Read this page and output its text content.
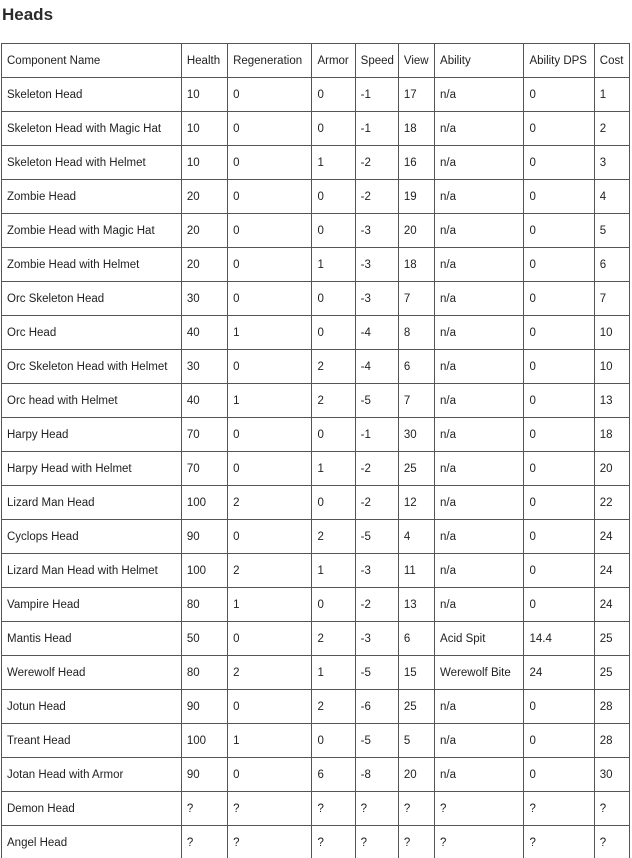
Heads
Component Name	Health	Regeneration	Armor	Speed	View	Ability	Ability DPS	Cost
Skeleton Head	10	0	0	-1	17	n/a	0	1
Skeleton Head with Magic Hat	10	0	0	-1	18	n/a	0	2
Skeleton Head with Helmet	10	0	1	-2	16	n/a	0	3
Zombie Head	20	0	0	-2	19	n/a	0	4
Zombie Head with Magic Hat	20	0	0	-3	20	n/a	0	5
Zombie Head with Helmet	20	0	1	-3	18	n/a	0	6
Orc Skeleton Head	30	0	0	-3	7	n/a	0	7
Orc Head	40	1	0	-4	8	n/a	0	10
Orc Skeleton Head with Helmet	30	0	2	-4	6	n/a	0	10
Orc head with Helmet	40	1	2	-5	7	n/a	0	13
Harpy Head	70	0	0	-1	30	n/a	0	18
Harpy Head with Helmet	70	0	1	-2	25	n/a	0	20
Lizard Man Head	100	2	0	-2	12	n/a	0	22
Cyclops Head	90	0	2	-5	4	n/a	0	24
Lizard Man Head with Helmet	100	2	1	-3	11	n/a	0	24
Vampire Head	80	1	0	-2	13	n/a	0	24
Mantis Head	50	0	2	-3	6	Acid Spit	14.4	25
Werewolf Head	80	2	1	-5	15	Werewolf Bite	24	25
Jotun Head	90	0	2	-6	25	n/a	0	28
Treant Head	100	1	0	-5	5	n/a	0	28
Jotan Head with Armor	90	0	6	-8	20	n/a	0	30
Demon Head	?	?	?	?	?	?	?	?
Angel Head	?	?	?	?	?	?	?	?
